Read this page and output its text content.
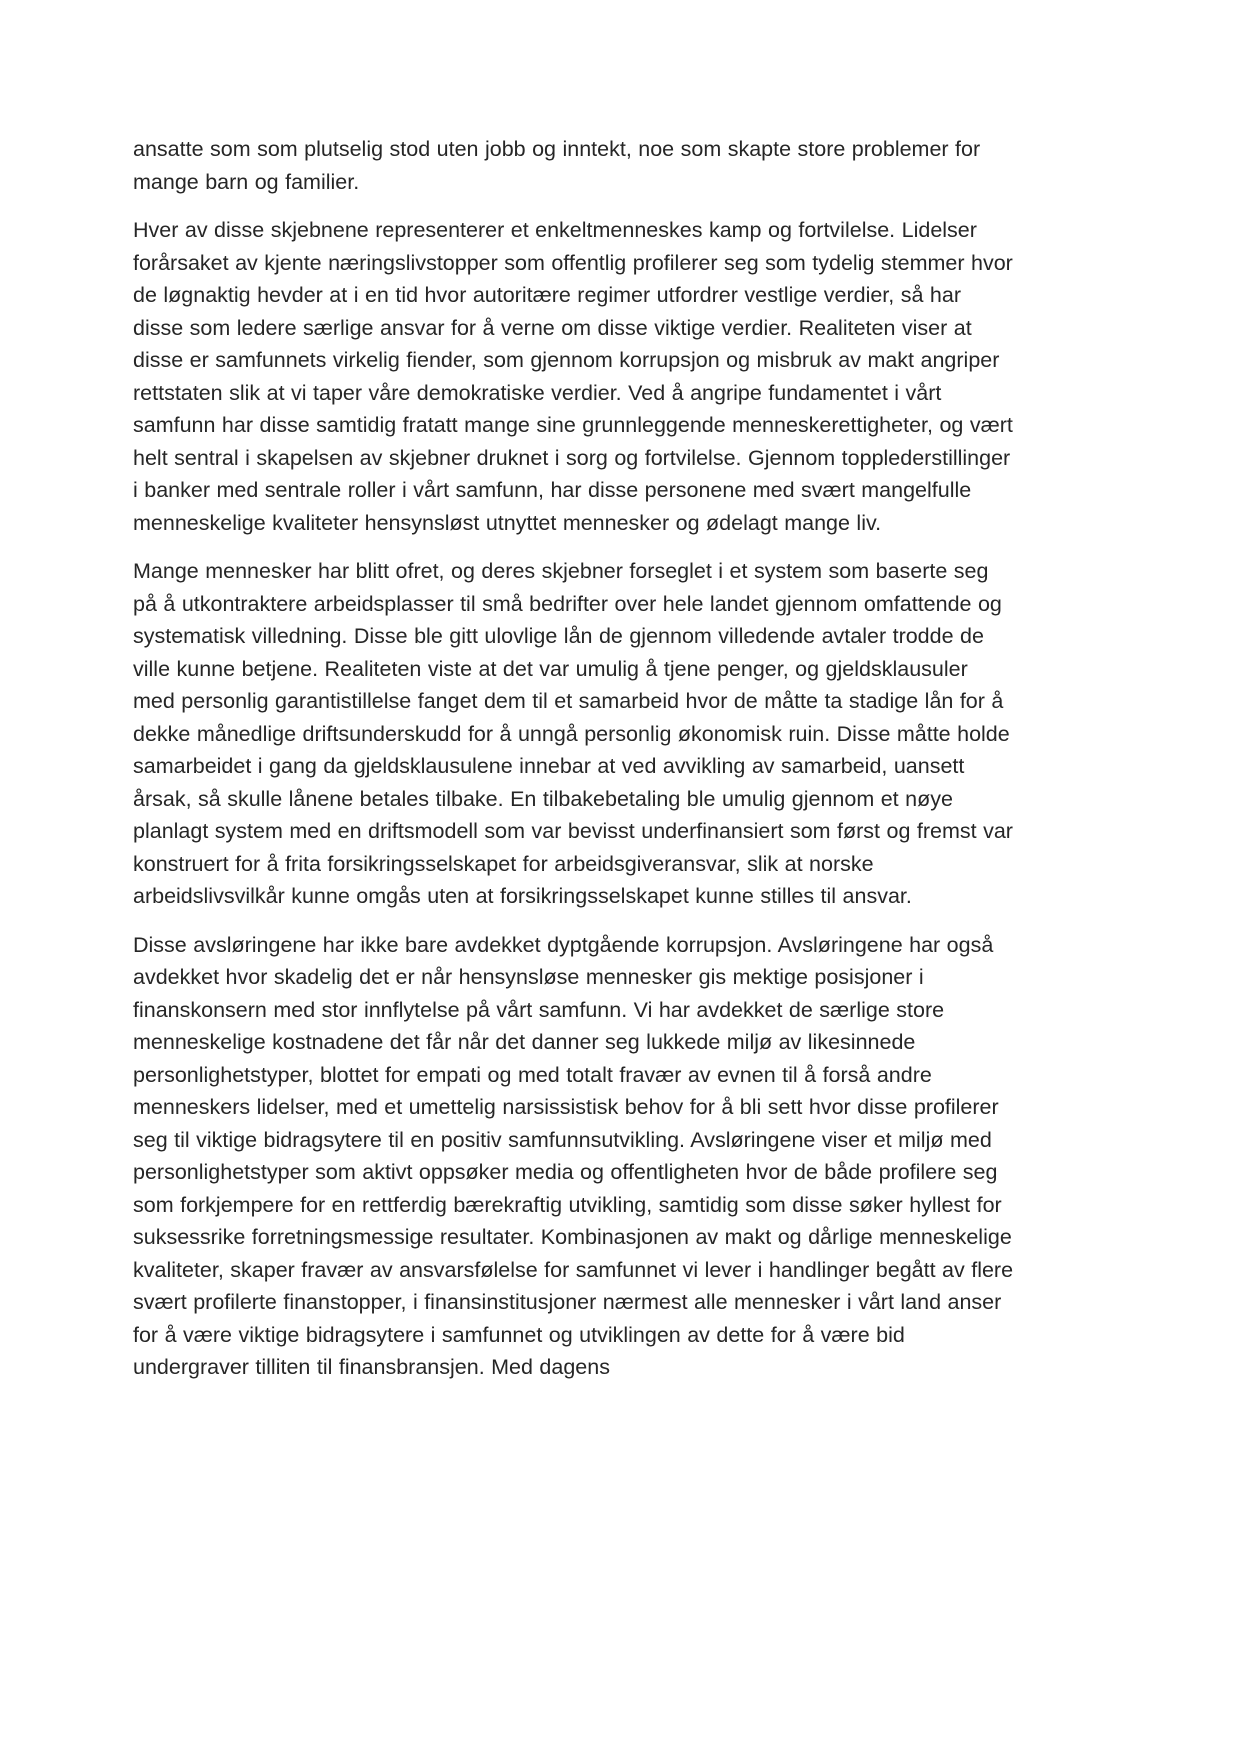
ansatte som som plutselig stod uten jobb og inntekt, noe som skapte store problemer for mange barn og familier.

Hver av disse skjebnene representerer et enkeltmenneskes kamp og fortvilelse. Lidelser forårsaket av kjente næringslivstopper som offentlig profilerer seg som tydelig stemmer hvor de løgnaktig hevder at i en tid hvor autoritære regimer utfordrer vestlige verdier, så har disse som ledere særlige ansvar for å verne om disse viktige verdier. Realiteten viser at disse er samfunnets virkelig fiender, som gjennom korrupsjon og misbruk av makt angriper rettstaten slik at vi taper våre demokratiske verdier. Ved å angripe fundamentet i vårt samfunn har disse samtidig fratatt mange sine grunnleggende menneskerettigheter, og vært helt sentral i skapelsen av skjebner druknet i sorg og fortvilelse. Gjennom topplederstillinger i banker med sentrale roller i vårt samfunn, har disse personene med svært mangelfulle menneskelige kvaliteter hensynsløst utnyttet mennesker og ødelagt mange liv.

Mange mennesker har blitt ofret, og deres skjebner forseglet i et system som baserte seg på å utkontraktere arbeidsplasser til små bedrifter over hele landet gjennom omfattende og systematisk villedning. Disse ble gitt ulovlige lån de gjennom villedende avtaler trodde de ville kunne betjene. Realiteten viste at det var umulig å tjene penger, og gjeldsklausuler med personlig garantistillelse fanget dem til et samarbeid hvor de måtte ta stadige lån for å dekke månedlige driftsunderskudd for å unngå personlig økonomisk ruin. Disse måtte holde samarbeidet i gang da gjeldsklausulene innebar at ved avvikling av samarbeid, uansett årsak, så skulle lånene betales tilbake. En tilbakebetaling ble umulig gjennom et nøye planlagt system med en driftsmodell som var bevisst underfinansiert som først og fremst var konstruert for å frita forsikringsselskapet for arbeidsgiveransvar, slik at norske arbeidslivsvilkår kunne omgås uten at forsikringsselskapet kunne stilles til ansvar.

Disse avsløringene har ikke bare avdekket dyptgående korrupsjon. Avsløringene har også avdekket hvor skadelig det er når hensynsløse mennesker gis mektige posisjoner i finanskonsern med stor innflytelse på vårt samfunn. Vi har avdekket de særlige store menneskelige kostnadene det får når det danner seg lukkede miljø av likesinnede personlighetstyper, blottet for empati og med totalt fravær av evnen til å forså andre menneskers lidelser, med et umettelig narsissistisk behov for å bli sett hvor disse profilerer seg til viktige bidragsytere til en positiv samfunnsutvikling. Avsløringene viser et miljø med personlighetstyper som aktivt oppsøker media og offentligheten hvor de både profilere seg som forkjempere for en rettferdig bærekraftig utvikling, samtidig som disse søker hyllest for suksessrike forretningsmessige resultater. Kombinasjonen av makt og dårlige menneskelige kvaliteter, skaper fravær av ansvarsfølelse for samfunnet vi lever i handlinger begått av flere svært profilerte finanstopper, i finansinstitusjoner nærmest alle mennesker i vårt land anser for å være viktige bidragsytere i samfunnet og utviklingen av dette for å være bid undergraver tilliten til finansbransjen. Med dagens
